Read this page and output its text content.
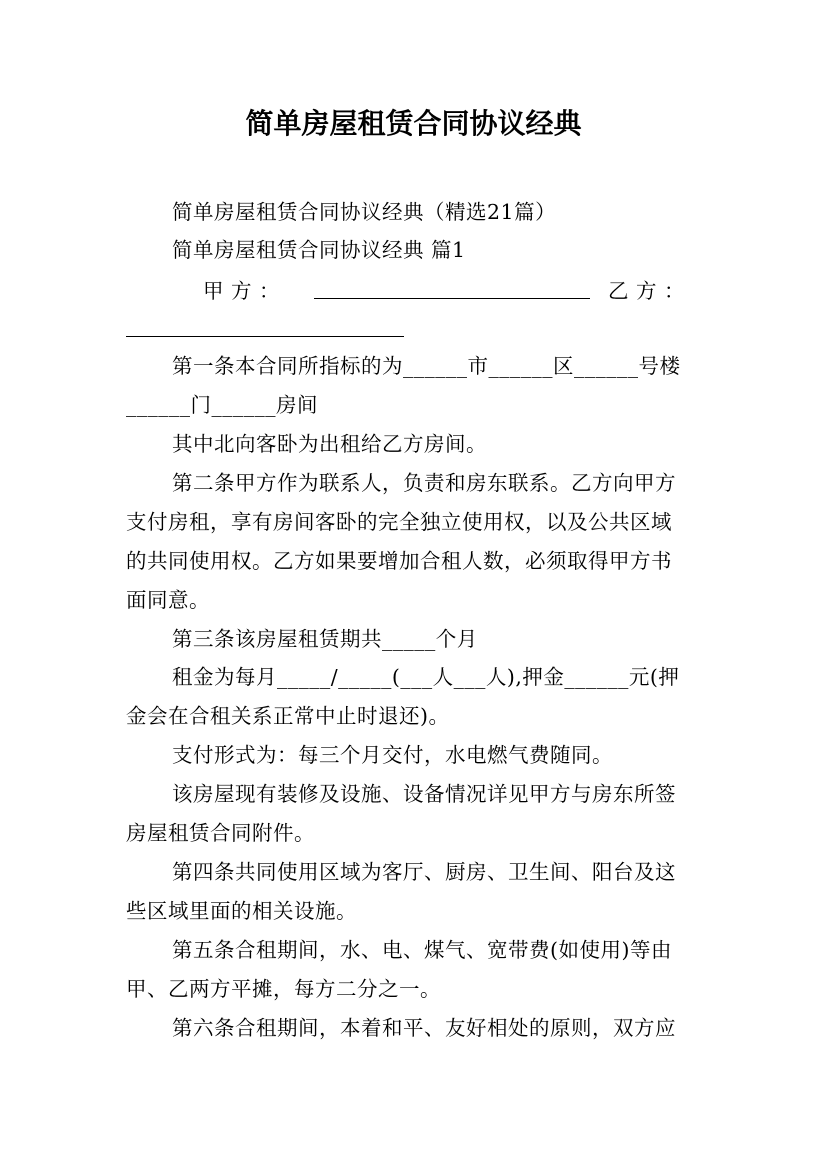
简单房屋租赁合同协议经典
简单房屋租赁合同协议经典（精选21篇）
简单房屋租赁合同协议经典 篇1
甲 方 ：	乙 方 ：
第一条本合同所指标的为______市______区______号楼
______门______房间
其中北向客卧为出租给乙方房间。
第二条甲方作为联系人，负责和房东联系。乙方向甲方
支付房租，享有房间客卧的完全独立使用权，以及公共区域
的共同使用权。乙方如果要增加合租人数，必须取得甲方书
面同意。
第三条该房屋租赁期共_____个月
租金为每月_____/_____(___人___人),押金______元(押
金会在合租关系正常中止时退还)。
支付形式为：每三个月交付，水电燃气费随同。
该房屋现有装修及设施、设备情况详见甲方与房东所签
房屋租赁合同附件。
第四条共同使用区域为客厅、厨房、卫生间、阳台及这
些区域里面的相关设施。
第五条合租期间，水、电、煤气、宽带费(如使用)等由
甲、乙两方平摊，每方二分之一。
第六条合租期间，本着和平、友好相处的原则，双方应
